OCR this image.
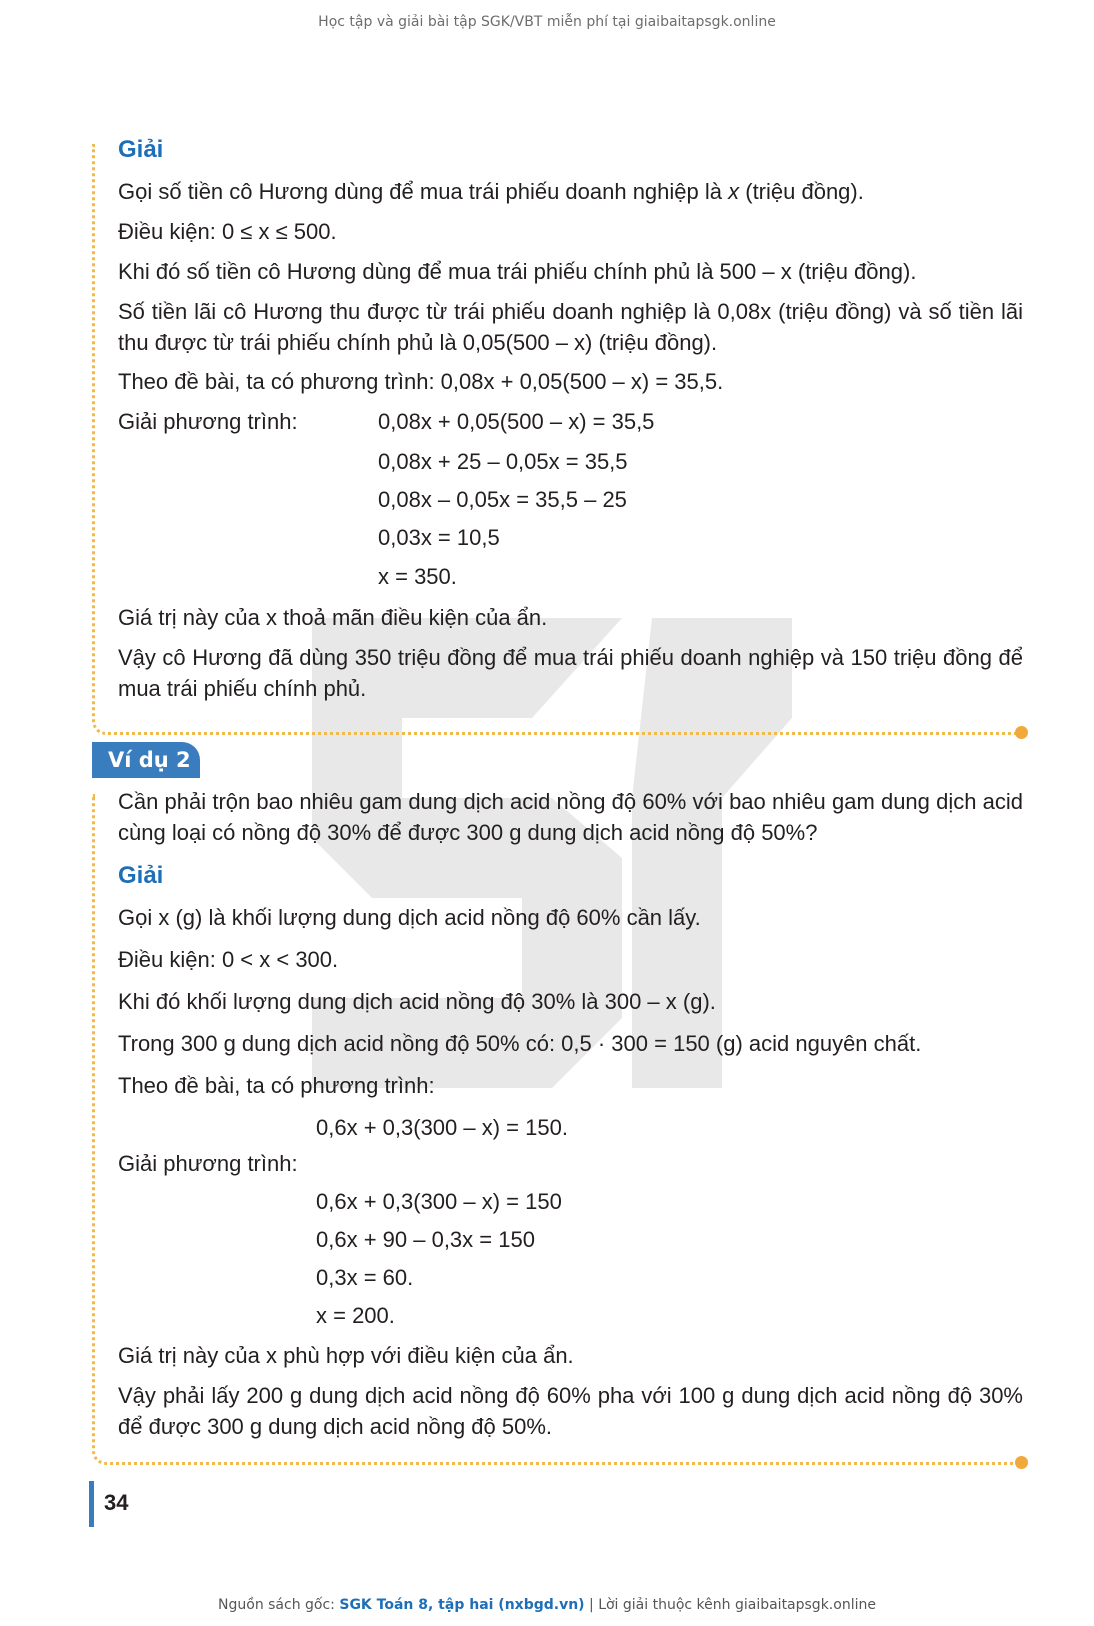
Học tập và giải bài tập SGK/VBT miễn phí tại giaibaitapsgk.online
Giải
Gọi số tiền cô Hương dùng để mua trái phiếu doanh nghiệp là x (triệu đồng).
Điều kiện: 0 ≤ x ≤ 500.
Khi đó số tiền cô Hương dùng để mua trái phiếu chính phủ là 500 – x (triệu đồng).
Số tiền lãi cô Hương thu được từ trái phiếu doanh nghiệp là 0,08x (triệu đồng) và số tiền lãi thu được từ trái phiếu chính phủ là 0,05(500 – x) (triệu đồng).
Theo đề bài, ta có phương trình: 0,08x + 0,05(500 – x) = 35,5.
Giải phương trình:	0,08x + 0,05(500 – x) = 35,5
0,08x + 25 – 0,05x = 35,5
0,08x – 0,05x = 35,5 – 25
0,03x = 10,5
x = 350.
Giá trị này của x thoả mãn điều kiện của ẩn.
Vậy cô Hương đã dùng 350 triệu đồng để mua trái phiếu doanh nghiệp và 150 triệu đồng để mua trái phiếu chính phủ.
Ví dụ 2
Cần phải trộn bao nhiêu gam dung dịch acid nồng độ 60% với bao nhiêu gam dung dịch acid cùng loại có nồng độ 30% để được 300 g dung dịch acid nồng độ 50%?
Giải
Gọi x (g) là khối lượng dung dịch acid nồng độ 60% cần lấy.
Điều kiện: 0 < x < 300.
Khi đó khối lượng dung dịch acid nồng độ 30% là 300 – x (g).
Trong 300 g dung dịch acid nồng độ 50% có: 0,5 · 300 = 150 (g) acid nguyên chất.
Theo đề bài, ta có phương trình:
0,6x + 0,3(300 – x) = 150.
Giải phương trình:
0,6x + 0,3(300 – x) = 150
0,6x + 90 – 0,3x = 150
0,3x = 60.
x = 200.
Giá trị này của x phù hợp với điều kiện của ẩn.
Vậy phải lấy 200 g dung dịch acid nồng độ 60% pha với 100 g dung dịch acid nồng độ 30% để được 300 g dung dịch acid nồng độ 50%.
34
Nguồn sách gốc: SGK Toán 8, tập hai (nxbgd.vn) | Lời giải thuộc kênh giaibaitapsgk.online
